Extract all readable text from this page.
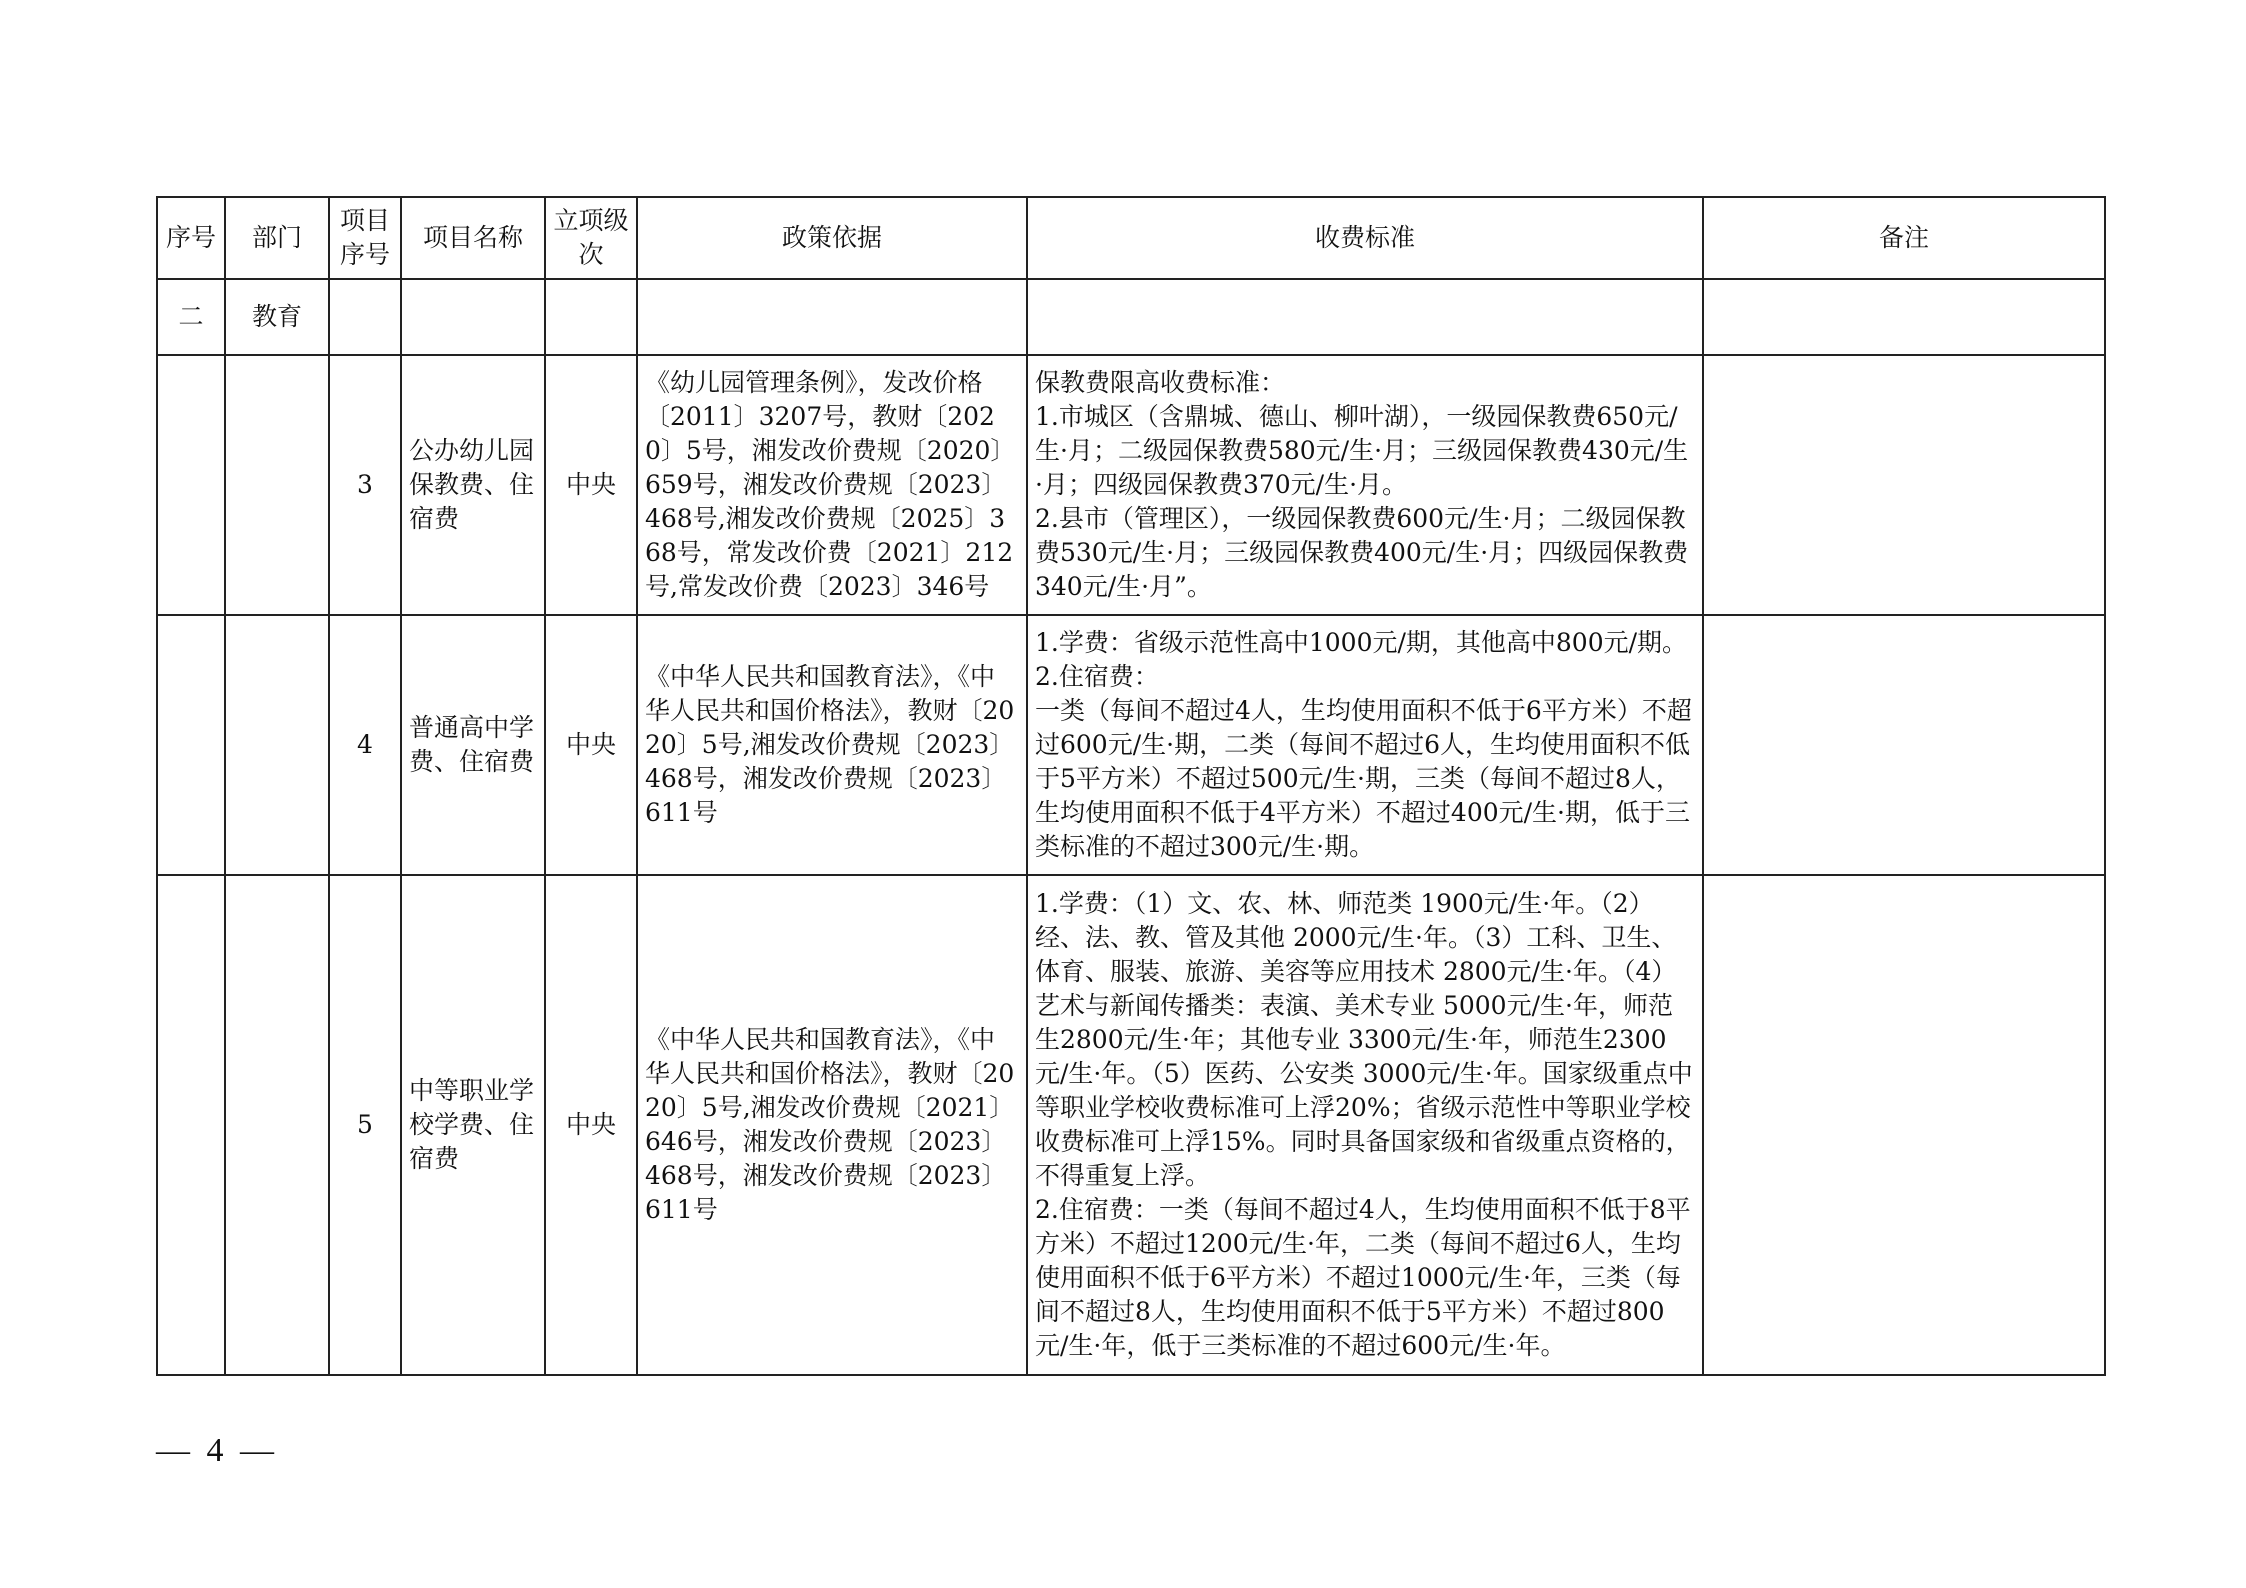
序号	部门	项目序号	项目名称	立项级次	政策依据	收费标准	备注
二	教育						
		3	公办幼儿园保教费、住宿费	中央	《幼儿园管理条例》，发改价格〔2011〕3207号，教财〔2020〕5号，湘发改价费规〔2020〕659号，湘发改价费规〔2023〕468号,湘发改价费规〔2025〕368号，常发改价费〔2021〕212号,常发改价费〔2023〕346号	保教费限高收费标准：
1.市城区（含鼎城、德山、柳叶湖），一级园保教费650元/生·月；二级园保教费580元/生·月；三级园保教费430元/生·月；四级园保教费370元/生·月。
2.县市（管理区），一级园保教费600元/生·月；二级园保教费530元/生·月；三级园保教费400元/生·月；四级园保教费340元/生·月”。	

		4	普通高中学费、住宿费	中央	《中华人民共和国教育法》，《中华人民共和国价格法》，教财〔2020〕5号,湘发改价费规〔2023〕468号，湘发改价费规〔2023〕611号	1.学费：省级示范性高中1000元/期，其他高中800元/期。
2.住宿费：
一类（每间不超过4人，生均使用面积不低于6平方米）不超过600元/生·期，二类（每间不超过6人，生均使用面积不低于5平方米）不超过500元/生·期，三类（每间不超过8人，生均使用面积不低于4平方米）不超过400元/生·期，低于三类标准的不超过300元/生·期。	

		5	中等职业学校学费、住宿费	中央	《中华人民共和国教育法》，《中华人民共和国价格法》，教财〔2020〕5号,湘发改价费规〔2021〕646号，湘发改价费规〔2023〕468号，湘发改价费规〔2023〕611号	1.学费：（1）文、农、林、师范类 1900元/生·年。（2）经、法、教、管及其他 2000元/生·年。（3）工科、卫生、体育、服装、旅游、美容等应用技术 2800元/生·年。（4）艺术与新闻传播类：表演、美术专业 5000元/生·年，师范生2800元/生·年；其他专业 3300元/生·年，师范生2300元/生·年。（5）医药、公安类 3000元/生·年。国家级重点中等职业学校收费标准可上浮20%；省级示范性中等职业学校收费标准可上浮15%。同时具备国家级和省级重点资格的，不得重复上浮。
2.住宿费：一类（每间不超过4人，生均使用面积不低于8平方米）不超过1200元/生·年，二类（每间不超过6人，生均使用面积不低于6平方米）不超过1000元/生·年，三类（每间不超过8人，生均使用面积不低于5平方米）不超过800元/生·年，低于三类标准的不超过600元/生·年。	

— 4 —
